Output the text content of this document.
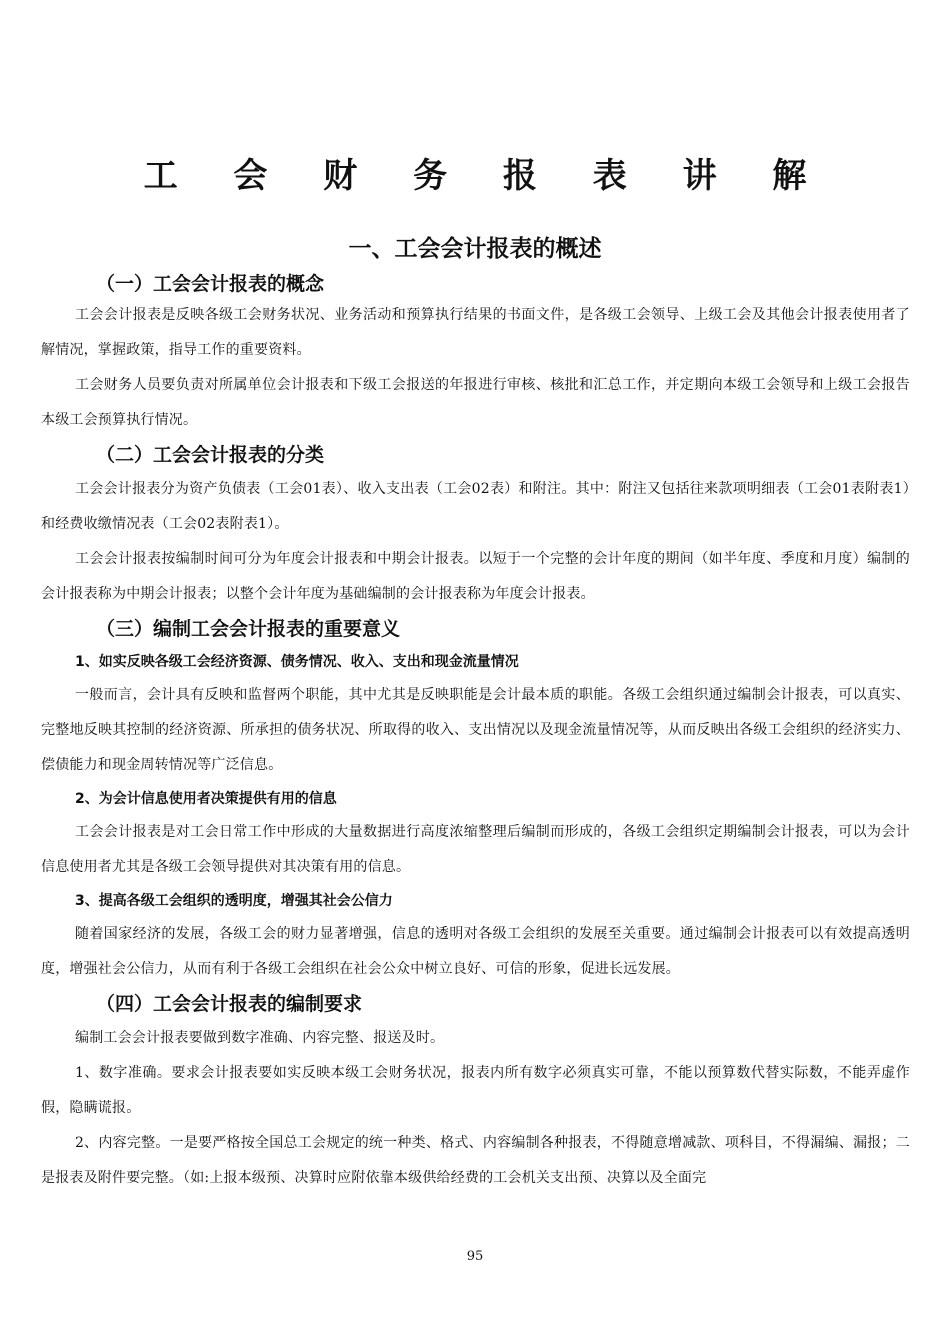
工 会 财 务 报 表 讲 解
一、工会会计报表的概述
（一）工会会计报表的概念

工会会计报表是反映各级工会财务状况、业务活动和预算执行结果的书面文件，是各级工会领导、上级工会及其他会计报表使用者了解情况，掌握政策，指导工作的重要资料。

工会财务人员要负责对所属单位会计报表和下级工会报送的年报进行审核、核批和汇总工作，并定期向本级工会领导和上级工会报告本级工会预算执行情况。

（二）工会会计报表的分类

工会会计报表分为资产负债表（工会01表）、收入支出表（工会02表）和附注。其中：附注又包括往来款项明细表（工会01表附表1）和经费收缴情况表（工会02表附表1）。

工会会计报表按编制时间可分为年度会计报表和中期会计报表。以短于一个完整的会计年度的期间（如半年度、季度和月度）编制的会计报表称为中期会计报表；以整个会计年度为基础编制的会计报表称为年度会计报表。

（三）编制工会会计报表的重要意义
1、如实反映各级工会经济资源、债务情况、收入、支出和现金流量情况

一般而言，会计具有反映和监督两个职能，其中尤其是反映职能是会计最本质的职能。各级工会组织通过编制会计报表，可以真实、完整地反映其控制的经济资源、所承担的债务状况、所取得的收入、支出情况以及现金流量情况等，从而反映出各级工会组织的经济实力、偿债能力和现金周转情况等广泛信息。

2、为会计信息使用者决策提供有用的信息

工会会计报表是对工会日常工作中形成的大量数据进行高度浓缩整理后编制而形成的，各级工会组织定期编制会计报表，可以为会计信息使用者尤其是各级工会领导提供对其决策有用的信息。

3、提高各级工会组织的透明度，增强其社会公信力

随着国家经济的发展，各级工会的财力显著增强，信息的透明对各级工会组织的发展至关重要。通过编制会计报表可以有效提高透明度，增强社会公信力，从而有利于各级工会组织在社会公众中树立良好、可信的形象，促进长远发展。

（四）工会会计报表的编制要求

编制工会会计报表要做到数字准确、内容完整、报送及时。

1、数字准确。要求会计报表要如实反映本级工会财务状况，报表内所有数字必须真实可靠，不能以预算数代替实际数，不能弄虚作假，隐瞒谎报。

2、内容完整。一是要严格按全国总工会规定的统一种类、格式、内容编制各种报表，不得随意增减款、项科目，不得漏编、漏报；二是报表及附件要完整。（如:上报本级预、决算时应附依靠本级供给经费的工会机关支出预、决算以及全面完

95
